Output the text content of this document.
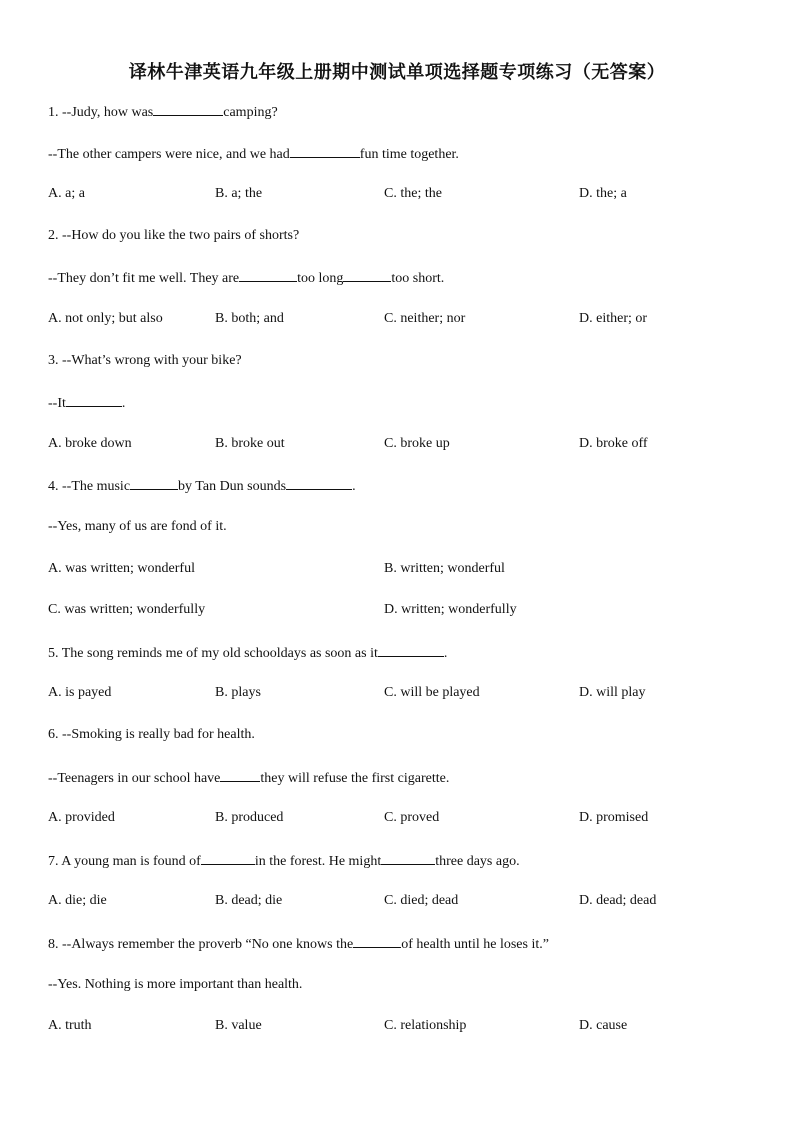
译林牛津英语九年级上册期中测试单项选择题专项练习（无答案）
1. --Judy, how was	camping?
--The other campers were nice, and we had	fun time together.
A. a; a	B. a; the	C. the; the	D. the; a
2. --How do you like the two pairs of shorts?
--They don’t fit me well. They are	too long	too short.
A. not only; but also	B. both; and	C. neither; nor	D. either; or
3. --What’s wrong with your bike?
--It	.
A. broke down	B. broke out	C. broke up	D. broke off
4. --The music	by Tan Dun sounds	.
--Yes, many of us are fond of it.
A. was written; wonderful	B. written; wonderful
C. was written; wonderfully	D. written; wonderfully
5. The song reminds me of my old schooldays as soon as it	.
A. is payed	B. plays	C. will be played	D. will play
6. --Smoking is really bad for health.
--Teenagers in our school have	they will refuse the first cigarette.
A. provided	B. produced	C. proved	D. promised
7. A young man is found of	in the forest. He might	three days ago.
A. die; die	B. dead; die	C. died; dead	D. dead; dead
8. --Always remember the proverb “No one knows the	of health until he loses it.”
--Yes. Nothing is more important than health.
A. truth	B. value	C. relationship	D. cause
